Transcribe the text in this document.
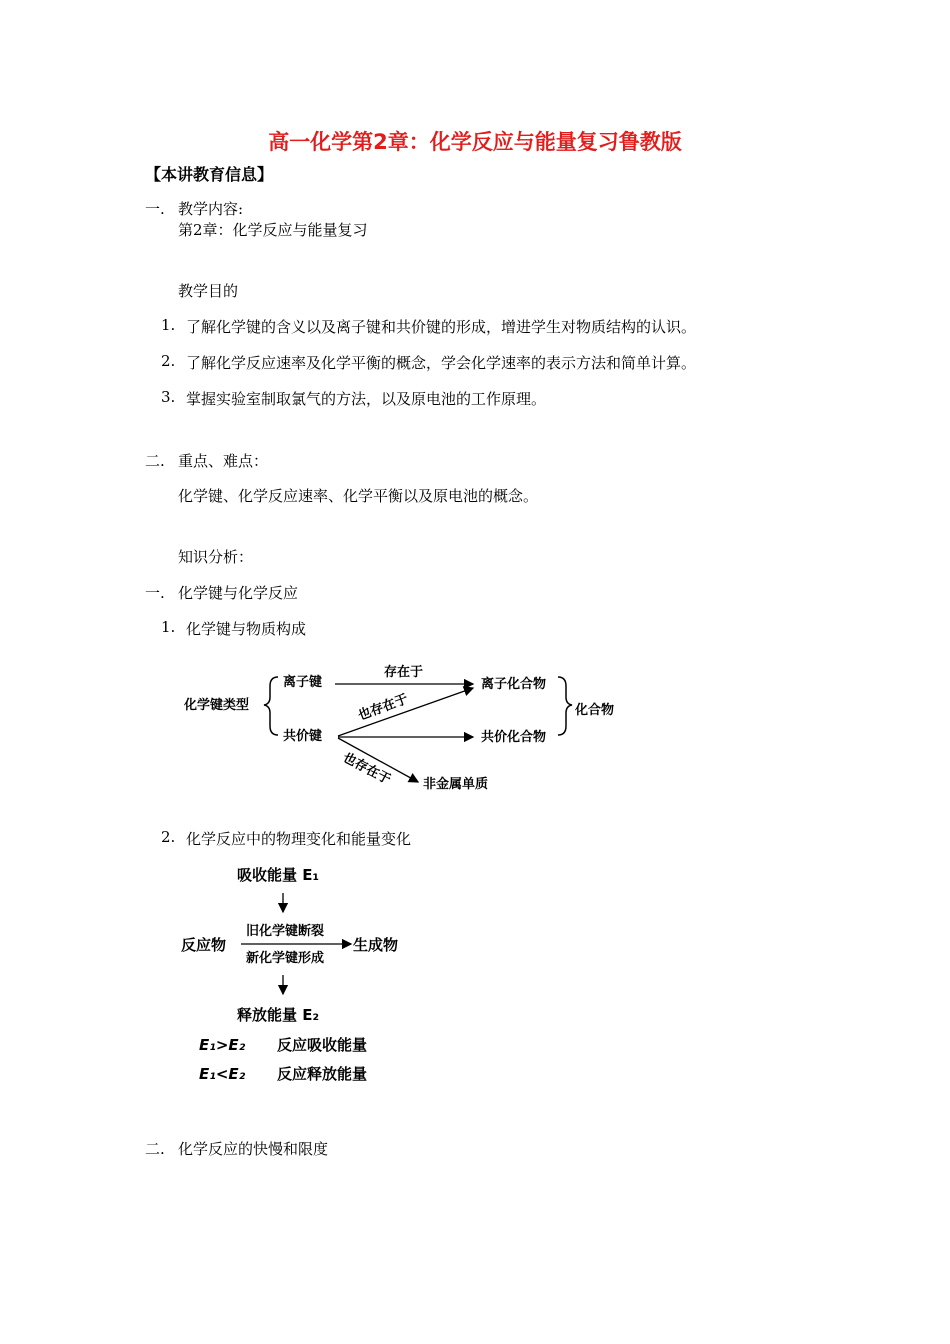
高一化学第2章：化学反应与能量复习鲁教版
【本讲教育信息】
一. 教学内容:
第2章：化学反应与能量复习
教学目的
1. 了解化学键的含义以及离子键和共价键的形成，增进学生对物质结构的认识。
2. 了解化学反应速率及化学平衡的概念，学会化学速率的表示方法和简单计算。
3. 掌握实验室制取氯气的方法，以及原电池的工作原理。
二. 重点、难点：
化学键、化学反应速率、化学平衡以及原电池的概念。
知识分析：
一. 化学键与化学反应
1. 化学键与物质构成
化学键类型
离子键
共价键
存在于
也存在于
也存在于
离子化合物
共价化合物
非金属单质
化合物
2. 化学反应中的物理变化和能量变化
吸收能量 E₁
反应物
旧化学键断裂
新化学键形成
生成物
释放能量 E₂
E₁>E₂ 反应吸收能量
E₁<E₂ 反应释放能量
二. 化学反应的快慢和限度
